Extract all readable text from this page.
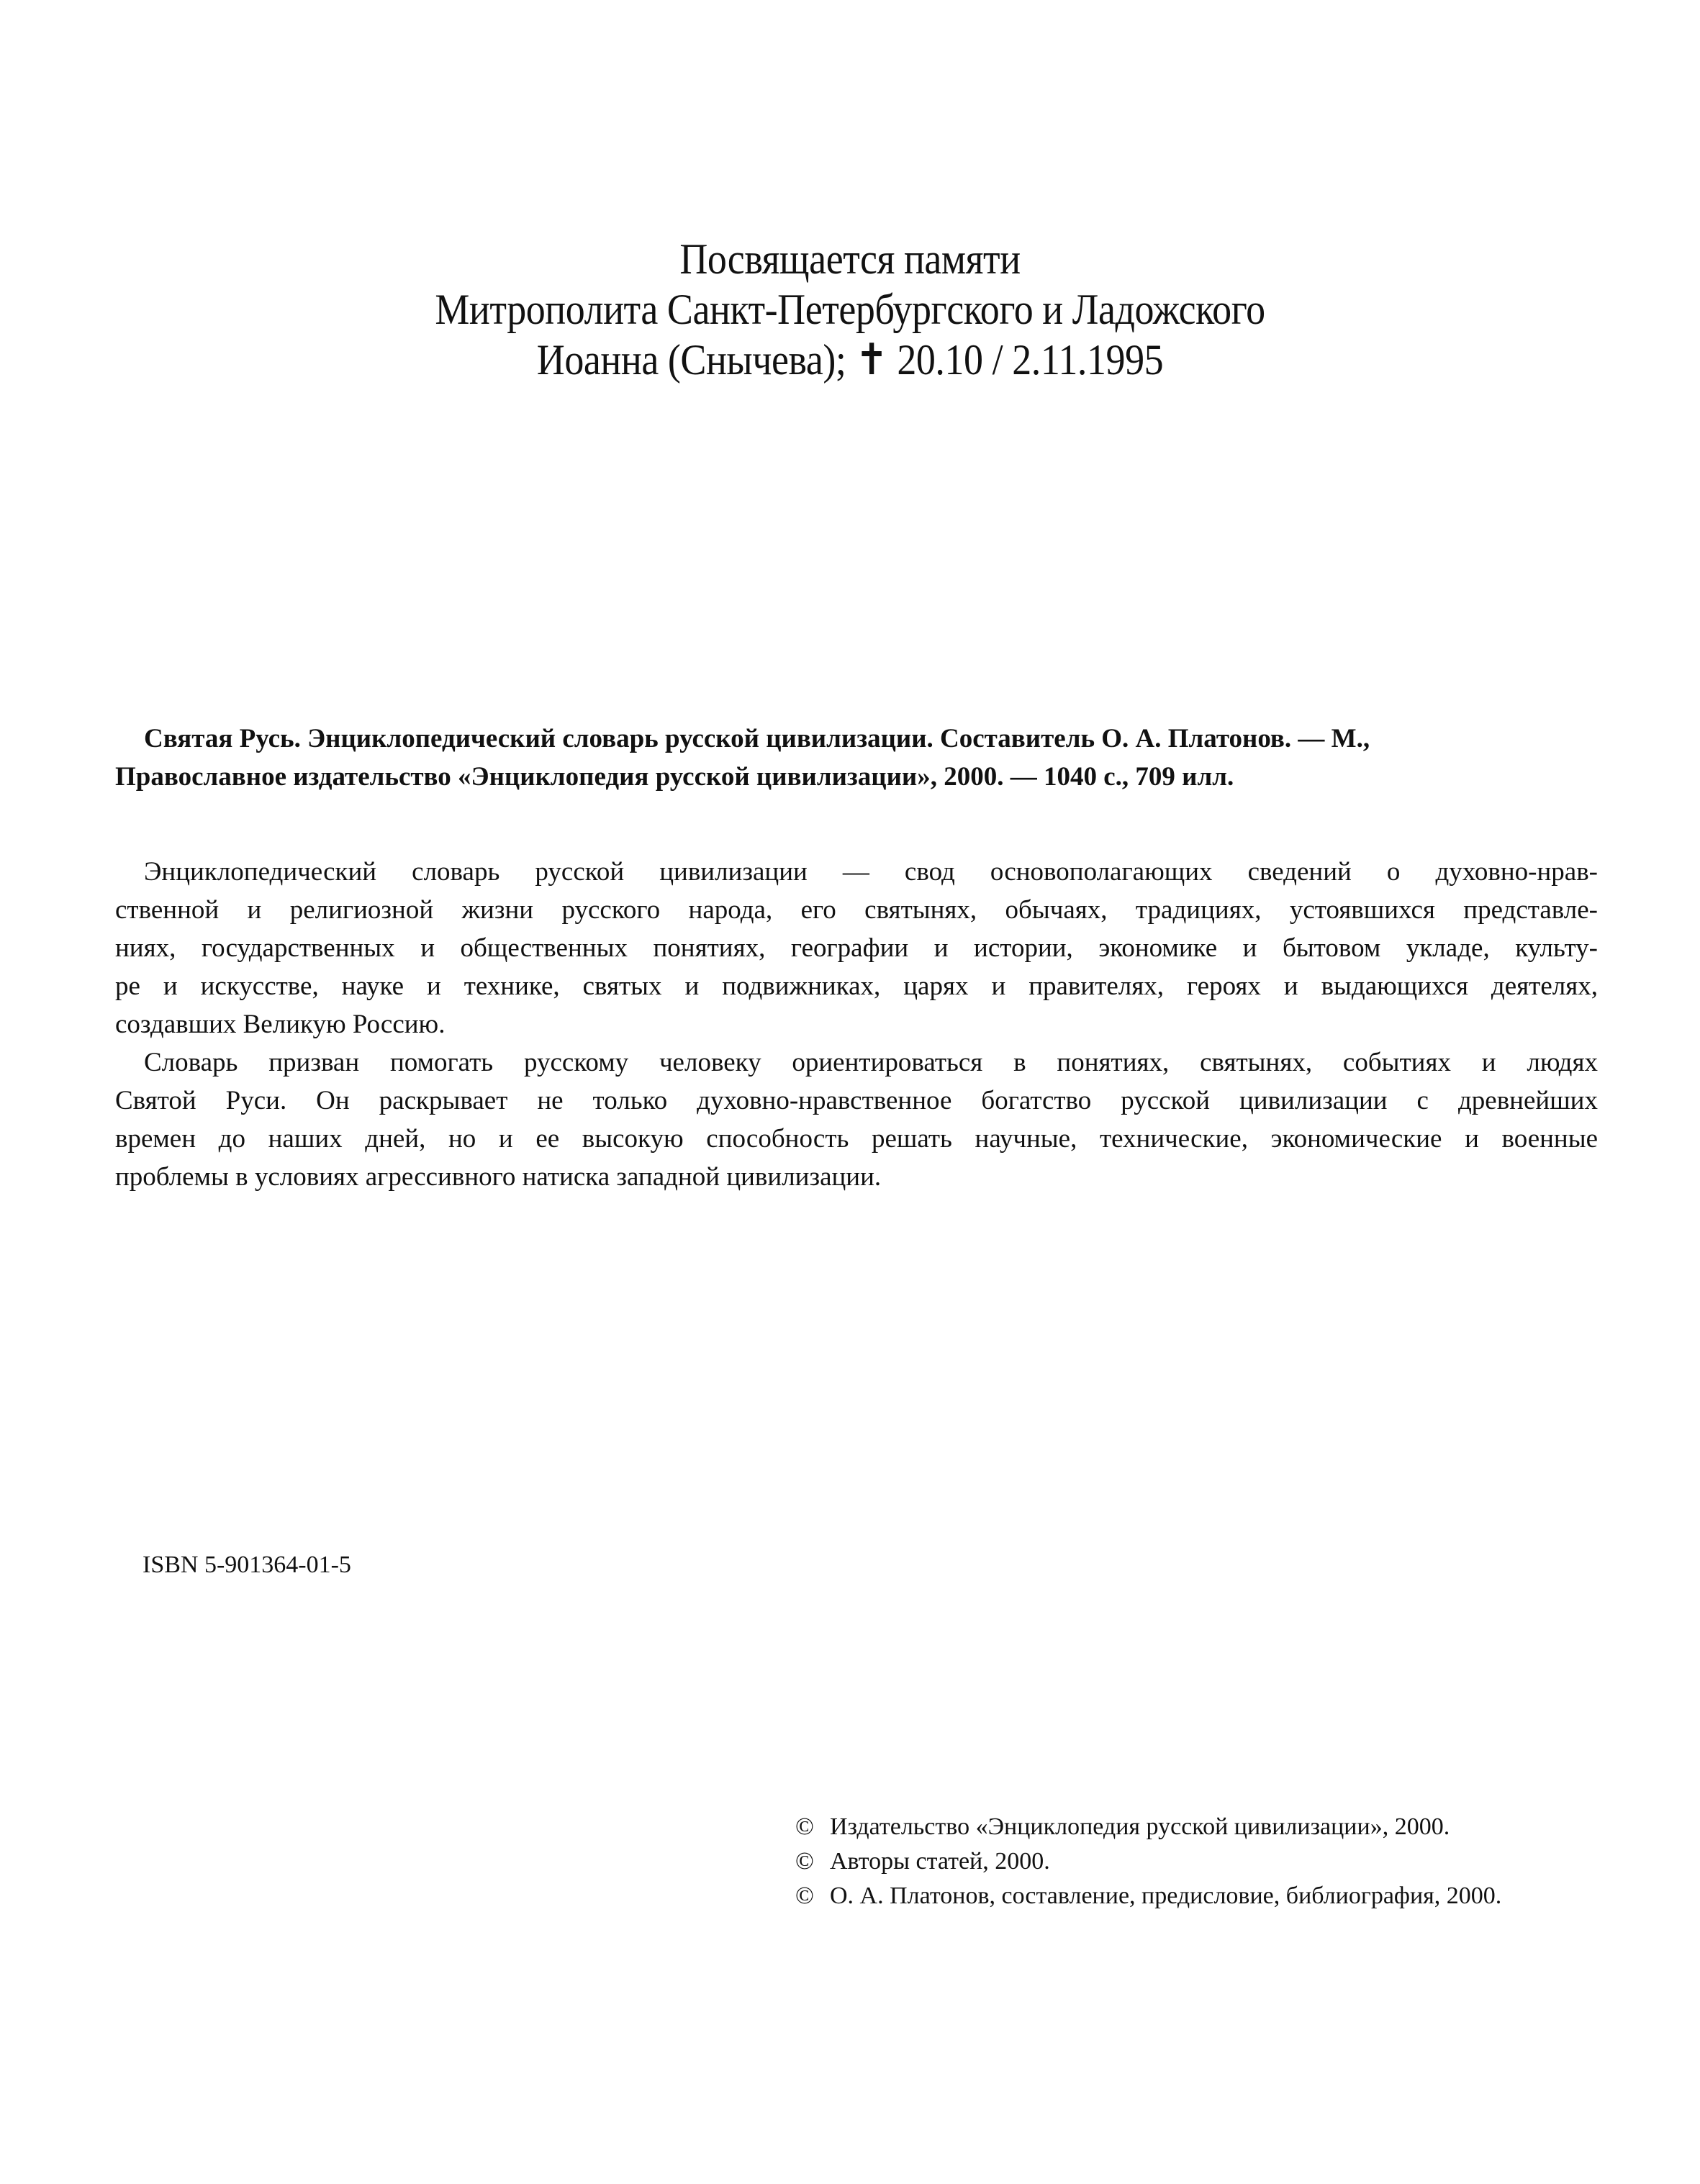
Посвящается памяти
Митрополита Санкт-Петербургского и Ладожского
Иоанна (Снычева); ✝ 20.10 / 2.11.1995
Святая Русь. Энциклопедический словарь русской цивилизации. Составитель О. А. Платонов. — М.,
Православное издательство «Энциклопедия русской цивилизации», 2000. — 1040 с., 709 илл.
Энциклопедический словарь русской цивилизации — свод основополагающих сведений о духовно-нрав-
ственной и религиозной жизни русского народа, его святынях, обычаях, традициях, устоявшихся представле-
ниях, государственных и общественных понятиях, географии и истории, экономике и бытовом укладе, культу-
ре и искусстве, науке и технике, святых и подвижниках, царях и правителях, героях и выдающихся деятелях,
создавших Великую Россию.
Словарь призван помогать русскому человеку ориентироваться в понятиях, святынях, событиях и людях
Святой Руси. Он раскрывает не только духовно-нравственное богатство русской цивилизации с древнейших
времен до наших дней, но и ее высокую способность решать научные, технические, экономические и военные
проблемы в условиях агрессивного натиска западной цивилизации.
ISBN 5-901364-01-5
© Издательство «Энциклопедия русской цивилизации», 2000.
© Авторы статей, 2000.
© О. А. Платонов, составление, предисловие, библиография, 2000.
